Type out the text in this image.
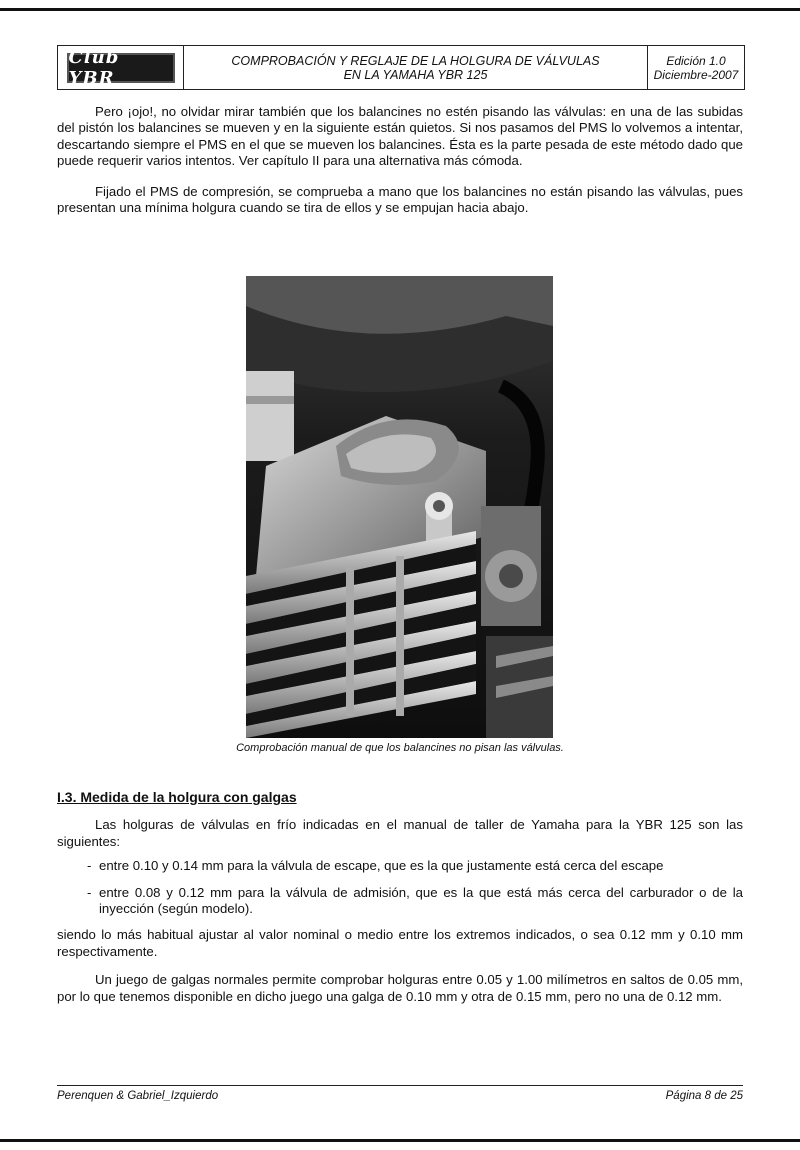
Club YBR
COMPROBACIÓN Y REGLAJE DE LA HOLGURA DE VÁLVULAS
EN LA YAMAHA YBR 125
Edición 1.0
Diciembre-2007

Pero ¡ojo!, no olvidar mirar también que los balancines no estén pisando las válvulas: en una de las subidas del pistón los balancines se mueven y en la siguiente están quietos. Si nos pasamos del PMS lo volvemos a intentar, descartando siempre el PMS en el que se mueven los balancines. Ésta es la parte pesada de este método dado que puede requerir varios intentos. Ver capítulo II para una alternativa más cómoda.

Fijado el PMS de compresión, se comprueba a mano que los balancines no están pisando las válvulas, pues presentan una mínima holgura cuando se tira de ellos y se empujan hacia abajo.

Comprobación manual de que los balancines no pisan las válvulas.
I.3. Medida de la holgura con galgas

Las holguras de válvulas en frío indicadas en el manual de taller de Yamaha para la YBR 125 son las siguientes:

- entre 0.10 y 0.14 mm para la válvula de escape, que es la que justamente está cerca del escape
- entre 0.08 y 0.12 mm para la válvula de admisión, que es la que está más cerca del carburador o de la inyección (según modelo).

siendo lo más habitual ajustar al valor nominal o medio entre los extremos indicados, o sea 0.12 mm y 0.10 mm respectivamente.

Un juego de galgas normales permite comprobar holguras entre 0.05 y 1.00 milímetros en saltos de 0.05 mm, por lo que tenemos disponible en dicho juego una galga de 0.10 mm y otra de 0.15 mm, pero no una de 0.12 mm.

Perenquen & Gabriel_Izquierdo	Página 8 de 25
